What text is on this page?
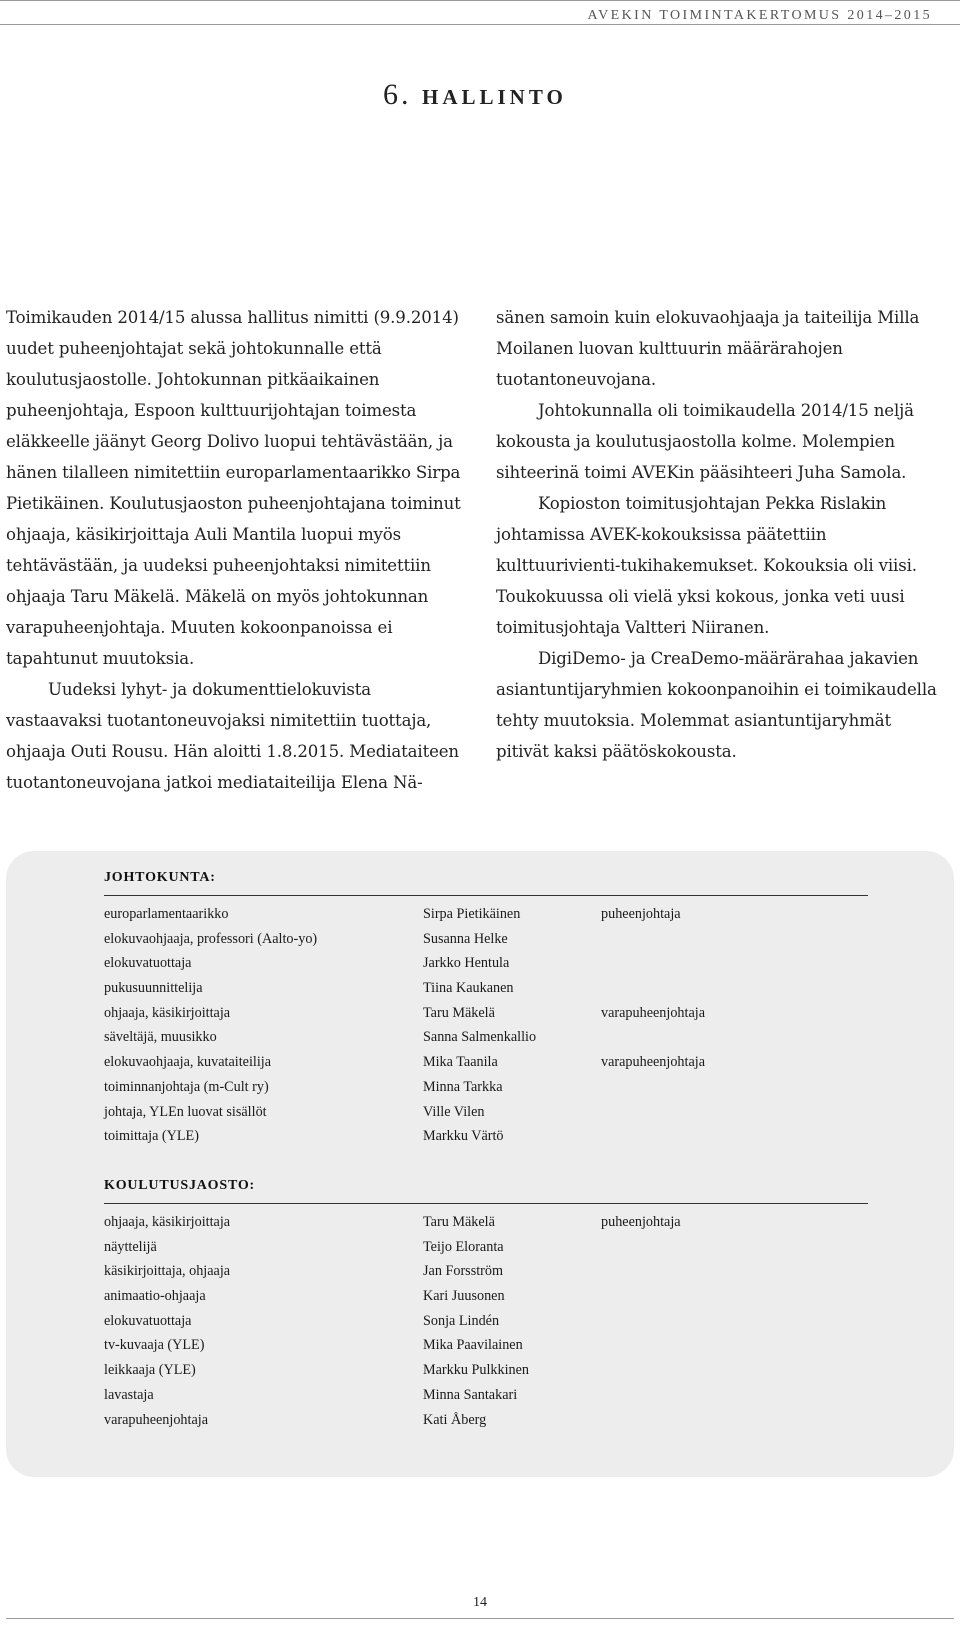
AVEKIN TOIMINTAKERTOMUS 2014–2015
6. hallinto

Toimikauden 2014/15 alussa hallitus nimitti (9.9.2014) uudet puheenjohtajat sekä johtokunnalle että koulutusjaostolle. Johtokunnan pitkäaikainen puheenjohtaja, Espoon kulttuurijohtajan toimesta eläkkeelle jäänyt Georg Dolivo luopui tehtävästään, ja hänen tilalleen nimitettiin europarlamentaarikko Sirpa Pietikäinen. Koulutusjaoston puheenjohtajana toiminut ohjaaja, käsikirjoittaja Auli Mantila luopui myös tehtävästään, ja uudeksi puheenjohtaksi nimitettiin ohjaaja Taru Mäkelä. Mäkelä on myös johtokunnan varapuheenjohtaja. Muuten kokoonpanoissa ei tapahtunut muutoksia.

Uudeksi lyhyt- ja dokumenttielokuvista vastaavaksi tuotantoneuvojaksi nimitettiin tuottaja, ohjaaja Outi Rousu. Hän aloitti 1.8.2015. Mediataiteen tuotantoneuvojana jatkoi mediataiteilija Elena Nä-

sänen samoin kuin elokuvaohjaaja ja taiteilija Milla Moilanen luovan kulttuurin määrärahojen tuotantoneuvojana.

Johtokunnalla oli toimikaudella 2014/15 neljä kokousta ja koulutusjaostolla kolme. Molempien sihteerinä toimi AVEKin pääsihteeri Juha Samola.

Kopioston toimitusjohtajan Pekka Rislakin johtamissa AVEK-kokouksissa päätettiin kulttuurivienti-tukihakemukset. Kokouksia oli viisi. Toukokuussa oli vielä yksi kokous, jonka veti uusi toimitusjohtaja Valtteri Niiranen.

DigiDemo- ja CreaDemo-määrärahaa jakavien asiantuntijaryhmien kokoonpanoihin ei toimikaudella tehty muutoksia. Molemmat asiantuntijaryhmät pitivät kaksi päätöskokousta.

JOHTOKUNTA:
europarlamentaarikko	Sirpa Pietikäinen	puheenjohtaja
elokuvaohjaaja, professori (Aalto-yo)	Susanna Helke
elokuvatuottaja	Jarkko Hentula
pukusuunnittelija	Tiina Kaukanen
ohjaaja, käsikirjoittaja	Taru Mäkelä	varapuheenjohtaja
säveltäjä, muusikko	Sanna Salmenkallio
elokuvaohjaaja, kuvataiteilija	Mika Taanila	varapuheenjohtaja
toiminnanjohtaja (m-Cult ry)	Minna Tarkka
johtaja, YLEn luovat sisällöt	Ville Vilen
toimittaja (YLE)	Markku Värtö
KOULUTUSJAOSTO:
ohjaaja, käsikirjoittaja	Taru Mäkelä	puheenjohtaja
näyttelijä	Teijo Eloranta
käsikirjoittaja, ohjaaja	Jan Forsström
animaatio-ohjaaja	Kari Juusonen
elokuvatuottaja	Sonja Lindén
tv-kuvaaja (YLE)	Mika Paavilainen
leikkaaja (YLE)	Markku Pulkkinen
lavastaja	Minna Santakari
varapuheenjohtaja	Kati Åberg
14
